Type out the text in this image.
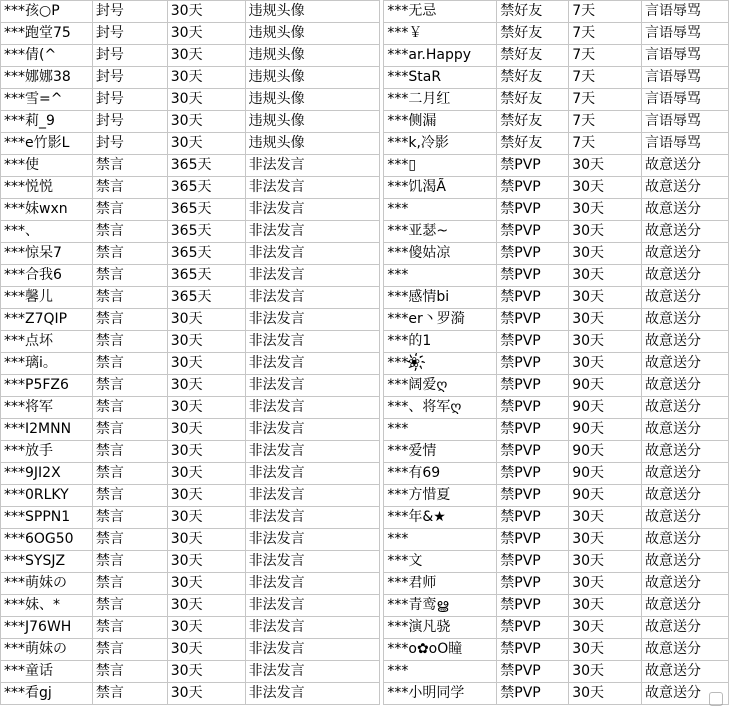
***孩○P	封号	30天	违规头像		***无忌	禁好友	7天	言语辱骂
***跑堂75	封号	30天	违规头像		***￥	禁好友	7天	言语辱骂
***倩(^	封号	30天	违规头像		***ar.Happy	禁好友	7天	言语辱骂
***娜娜38	封号	30天	违规头像		***StaR	禁好友	7天	言语辱骂
***雪=^	封号	30天	违规头像		***二月红	禁好友	7天	言语辱骂
***莉_9	封号	30天	违规头像		***侧漏	禁好友	7天	言语辱骂
***e竹影L	封号	30天	违规头像		***k,冷影	禁好友	7天	言语辱骂
***使	禁言	365天	非法发言		***▯	禁PVP	30天	故意送分
***悦悦	禁言	365天	非法发言		***饥渴Ã	禁PVP	30天	故意送分
***妹wxn	禁言	365天	非法发言		***	禁PVP	30天	故意送分
***、	禁言	365天	非法发言		***亚瑟~	禁PVP	30天	故意送分
***惊呆7	禁言	365天	非法发言		***傻姑凉	禁PVP	30天	故意送分
***合我6	禁言	365天	非法发言		***	禁PVP	30天	故意送分
***馨儿	禁言	365天	非法发言		***感情bi	禁PVP	30天	故意送分
***Z7QIP	禁言	30天	非法发言		***er丶罗漪	禁PVP	30天	故意送分
***点坏	禁言	30天	非法发言		***的1	禁PVP	30天	故意送分
***璃i。	禁言	30天	非法发言		***❀҉	禁PVP	30天	故意送分
***P5FZ6	禁言	30天	非法发言		***阔爱ღ	禁PVP	90天	故意送分
***将军	禁言	30天	非法发言		***、将军ღ	禁PVP	90天	故意送分
***I2MNN	禁言	30天	非法发言		***	禁PVP	90天	故意送分
***放手	禁言	30天	非法发言		***爱情	禁PVP	90天	故意送分
***9JI2X	禁言	30天	非法发言		***有69	禁PVP	90天	故意送分
***0RLKY	禁言	30天	非法发言		***方惜夏	禁PVP	90天	故意送分
***SPPN1	禁言	30天	非法发言		***年&★	禁PVP	30天	故意送分
***6OG50	禁言	30天	非法发言		***	禁PVP	30天	故意送分
***SYSJZ	禁言	30天	非法发言		***文	禁PVP	30天	故意送分
***萌妹の	禁言	30天	非法发言		***君师	禁PVP	30天	故意送分
***妹、*	禁言	30天	非法发言		***青鸾ൠ	禁PVP	30天	故意送分
***J76WH	禁言	30天	非法发言		***演凡骁	禁PVP	30天	故意送分
***萌妹の	禁言	30天	非法发言		***o✿oO瞳	禁PVP	30天	故意送分
***童话	禁言	30天	非法发言		***	禁PVP	30天	故意送分
***看gj	禁言	30天	非法发言		***小明同学	禁PVP	30天	故意送分
